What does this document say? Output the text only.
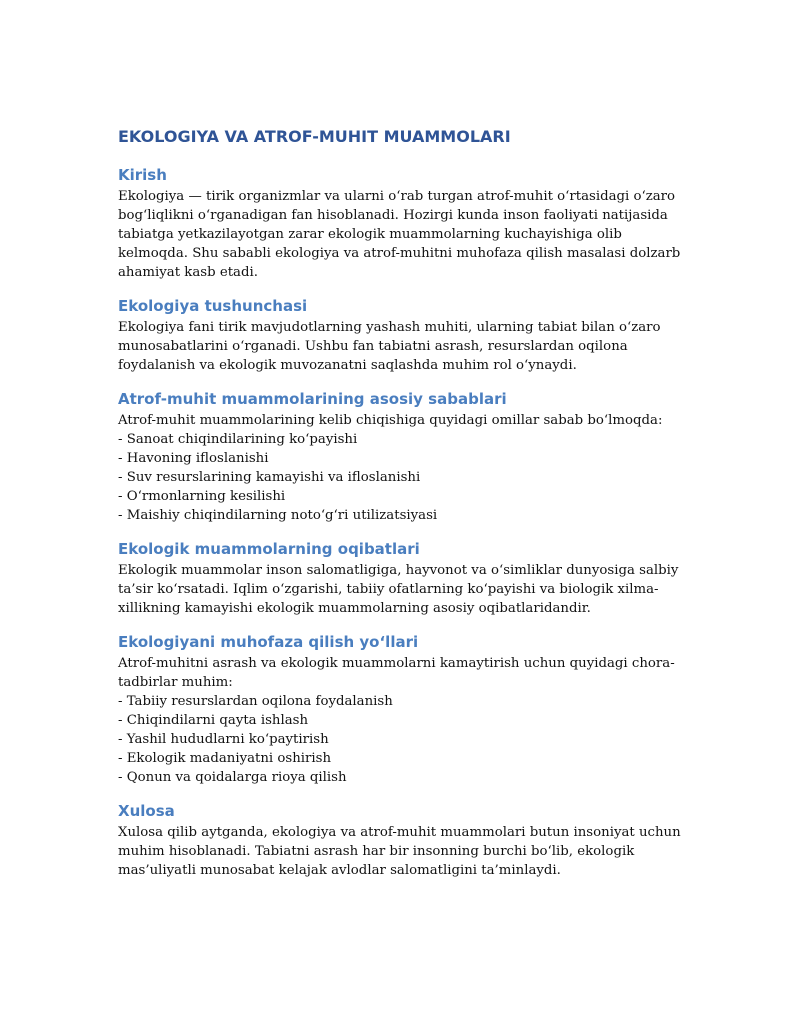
EKOLOGIYA VA ATROF-MUHIT MUAMMOLARI
Kirish

Ekologiya — tirik organizmlar va ularni o‘rab turgan atrof-muhit o‘rtasidagi o‘zaro bog‘liqlikni o‘rganadigan fan hisoblanadi. Hozirgi kunda inson faoliyati natijasida tabiatga yetkazilayotgan zarar ekologik muammolarning kuchayishiga olib kelmoqda. Shu sababli ekologiya va atrof-muhitni muhofaza qilish masalasi dolzarb ahamiyat kasb etadi.

Ekologiya tushunchasi

Ekologiya fani tirik mavjudotlarning yashash muhiti, ularning tabiat bilan o‘zaro munosabatlarini o‘rganadi. Ushbu fan tabiatni asrash, resurslardan oqilona foydalanish va ekologik muvozanatni saqlashda muhim rol o‘ynaydi.

Atrof-muhit muammolarining asosiy sabablari

Atrof-muhit muammolarining kelib chiqishiga quyidagi omillar sabab bo‘lmoqda:

- Sanoat chiqindilarining ko‘payishi
- Havoning ifloslanishi
- Suv resurslarining kamayishi va ifloslanishi
- O‘rmonlarning kesilishi
- Maishiy chiqindilarning noto‘g‘ri utilizatsiyasi
Ekologik muammolarning oqibatlari

Ekologik muammolar inson salomatligiga, hayvonot va o‘simliklar dunyosiga salbiy ta’sir ko‘rsatadi. Iqlim o‘zgarishi, tabiiy ofatlarning ko‘payishi va biologik xilma-xillikning kamayishi ekologik muammolarning asosiy oqibatlaridandir.

Ekologiyani muhofaza qilish yo‘llari

Atrof-muhitni asrash va ekologik muammolarni kamaytirish uchun quyidagi chora-tadbirlar muhim:

- Tabiiy resurslardan oqilona foydalanish
- Chiqindilarni qayta ishlash
- Yashil hududlarni ko‘paytirish
- Ekologik madaniyatni oshirish
- Qonun va qoidalarga rioya qilish
Xulosa

Xulosa qilib aytganda, ekologiya va atrof-muhit muammolari butun insoniyat uchun muhim hisoblanadi. Tabiatni asrash har bir insonning burchi bo‘lib, ekologik mas’uliyatli munosabat kelajak avlodlar salomatligini ta’minlaydi.
